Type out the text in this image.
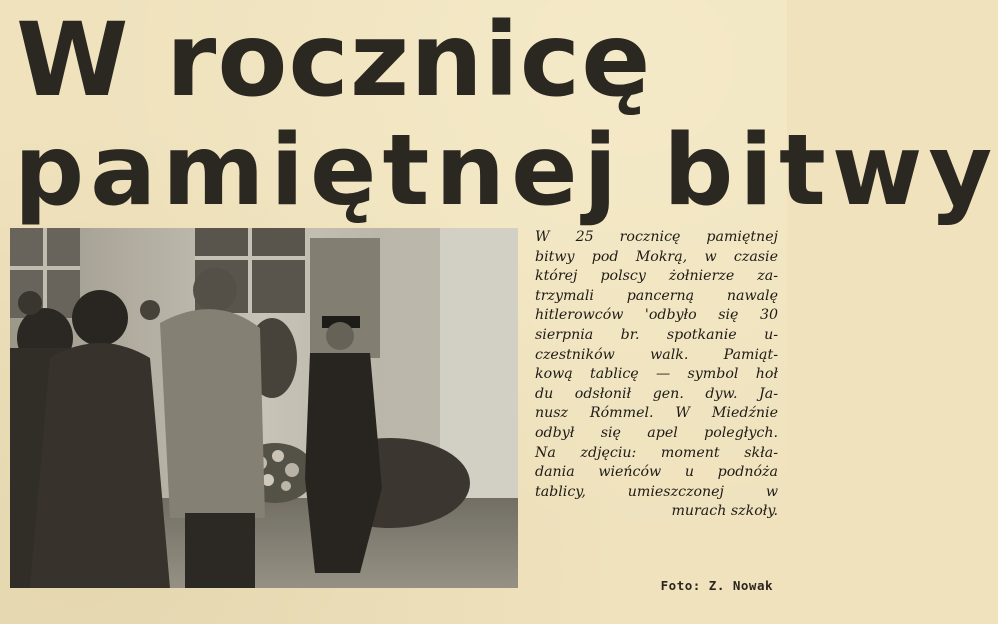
W rocznicę
pamiętnej bitwy
W 25 rocznicę pamiętnej
bitwy pod Mokrą, w czasie
której polscy żołnierze za-
trzymali pancerną nawalę
hitlerowców 'odbyło się 30
sierpnia br. spotkanie u-
czestników walk. Pamiąt-
kową tablicę — symbol hoł
du odsłonił gen. dyw. Ja-
nusz Rómmel. W Miedźnie
odbył się apel poległych.
Na zdjęciu: moment skła-
dania wieńców u podnóża
tablicy, umieszczonej w
murach szkoły.
Foto: Z. Nowak
